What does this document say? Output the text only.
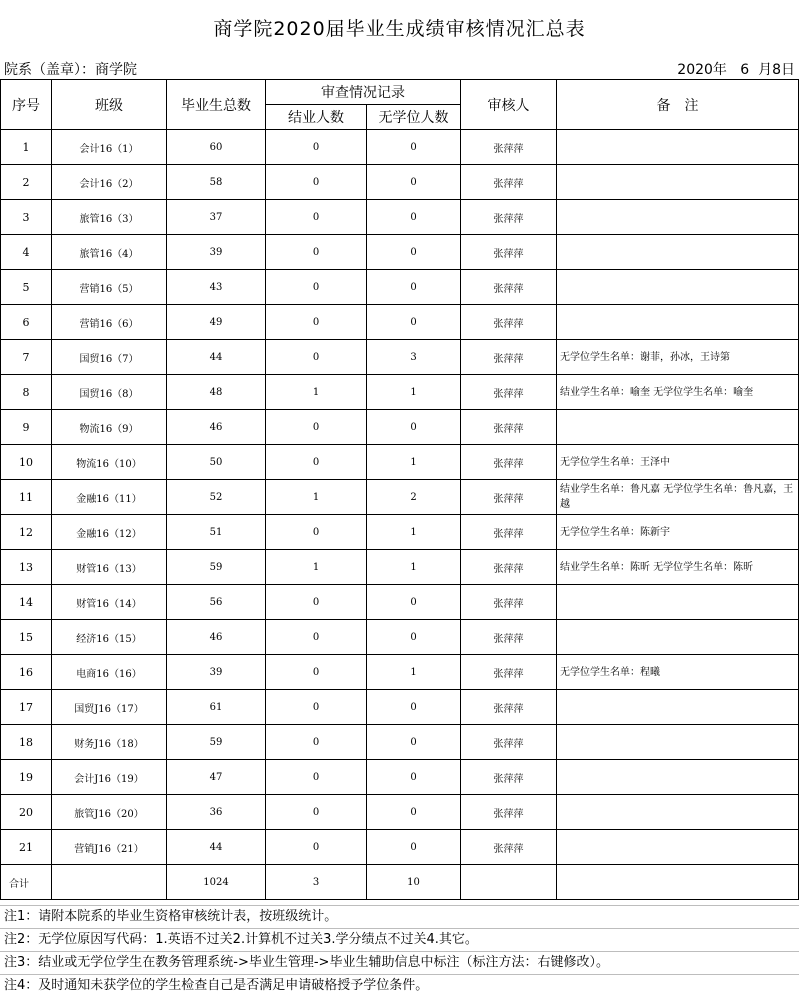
商学院2020届毕业生成绩审核情况汇总表
院系（盖章）：商学院	2020年   6  月8日
序号	班级	毕业生总数	审查情况记录		审核人	备　注
			结业人数	无学位人数		
1	会计16（1）	60	0	0	张萍萍	
2	会计16（2）	58	0	0	张萍萍	
3	旅管16（3）	37	0	0	张萍萍	
4	旅管16（4）	39	0	0	张萍萍	
5	营销16（5）	43	0	0	张萍萍	
6	营销16（6）	49	0	0	张萍萍	
7	国贸16（7）	44	0	3	张萍萍	无学位学生名单：谢菲，孙冰，王诗第
8	国贸16（8）	48	1	1	张萍萍	结业学生名单：喻奎 无学位学生名单：喻奎
9	物流16（9）	46	0	0	张萍萍	
10	物流16（10）	50	0	1	张萍萍	无学位学生名单：王泽中
11	金融16（11）	52	1	2	张萍萍	结业学生名单：鲁凡嘉 无学位学生名单：鲁凡嘉，王越
12	金融16（12）	51	0	1	张萍萍	无学位学生名单：陈新宇
13	财管16（13）	59	1	1	张萍萍	结业学生名单：陈昕 无学位学生名单：陈昕
14	财管16（14）	56	0	0	张萍萍	
15	经济16（15）	46	0	0	张萍萍	
16	电商16（16）	39	0	1	张萍萍	无学位学生名单：程曦
17	国贸J16（17）	61	0	0	张萍萍	
18	财务J16（18）	59	0	0	张萍萍	
19	会计J16（19）	47	0	0	张萍萍	
20	旅管J16（20）	36	0	0	张萍萍	
21	营销J16（21）	44	0	0	张萍萍	
合计		1024	3	10		
注1：请附本院系的毕业生资格审核统计表，按班级统计。
注2：无学位原因写代码：1.英语不过关2.计算机不过关3.学分绩点不过关4.其它。
注3：结业或无学位学生在教务管理系统->毕业生管理->毕业生辅助信息中标注（标注方法：右键修改）。
注4：及时通知未获学位的学生检查自己是否满足申请破格授予学位条件。
